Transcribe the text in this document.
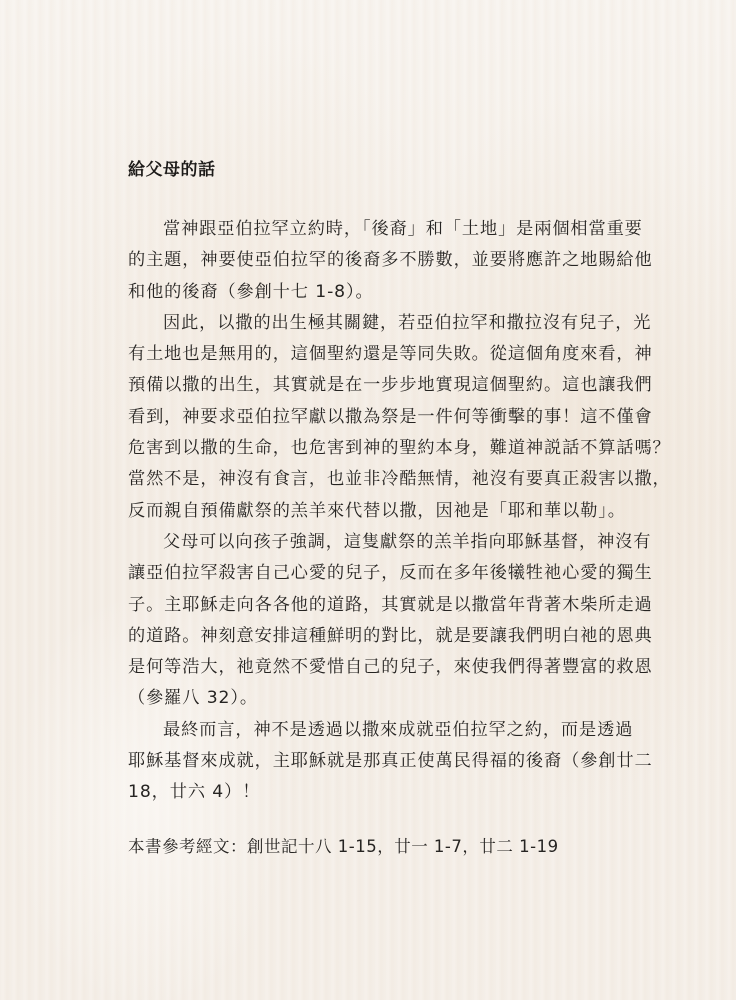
給父母的話
當神跟亞伯拉罕立約時，「後裔」和「土地」是兩個相當重要
的主題，神要使亞伯拉罕的後裔多不勝數，並要將應許之地賜給他
和他的後裔（參創十七 1-8）。
因此，以撒的出生極其關鍵，若亞伯拉罕和撒拉沒有兒子，光
有土地也是無用的，這個聖約還是等同失敗。從這個角度來看，神
預備以撒的出生，其實就是在一步步地實現這個聖約。這也讓我們
看到，神要求亞伯拉罕獻以撒為祭是一件何等衝擊的事！這不僅會
危害到以撒的生命，也危害到神的聖約本身，難道神説話不算話嗎？
當然不是，神沒有食言，也並非冷酷無情，祂沒有要真正殺害以撒，
反而親自預備獻祭的羔羊來代替以撒，因祂是「耶和華以勒」。
父母可以向孩子強調，這隻獻祭的羔羊指向耶穌基督，神沒有
讓亞伯拉罕殺害自己心愛的兒子，反而在多年後犧牲祂心愛的獨生
子。主耶穌走向各各他的道路，其實就是以撒當年背著木柴所走過
的道路。神刻意安排這種鮮明的對比，就是要讓我們明白祂的恩典
是何等浩大，祂竟然不愛惜自己的兒子，來使我們得著豐富的救恩
（參羅八 32）。
最終而言，神不是透過以撒來成就亞伯拉罕之約，而是透過
耶穌基督來成就，主耶穌就是那真正使萬民得福的後裔（參創廿二
18，廿六 4）！
本書參考經文：創世記十八 1-15，廿一 1-7，廿二 1-19
